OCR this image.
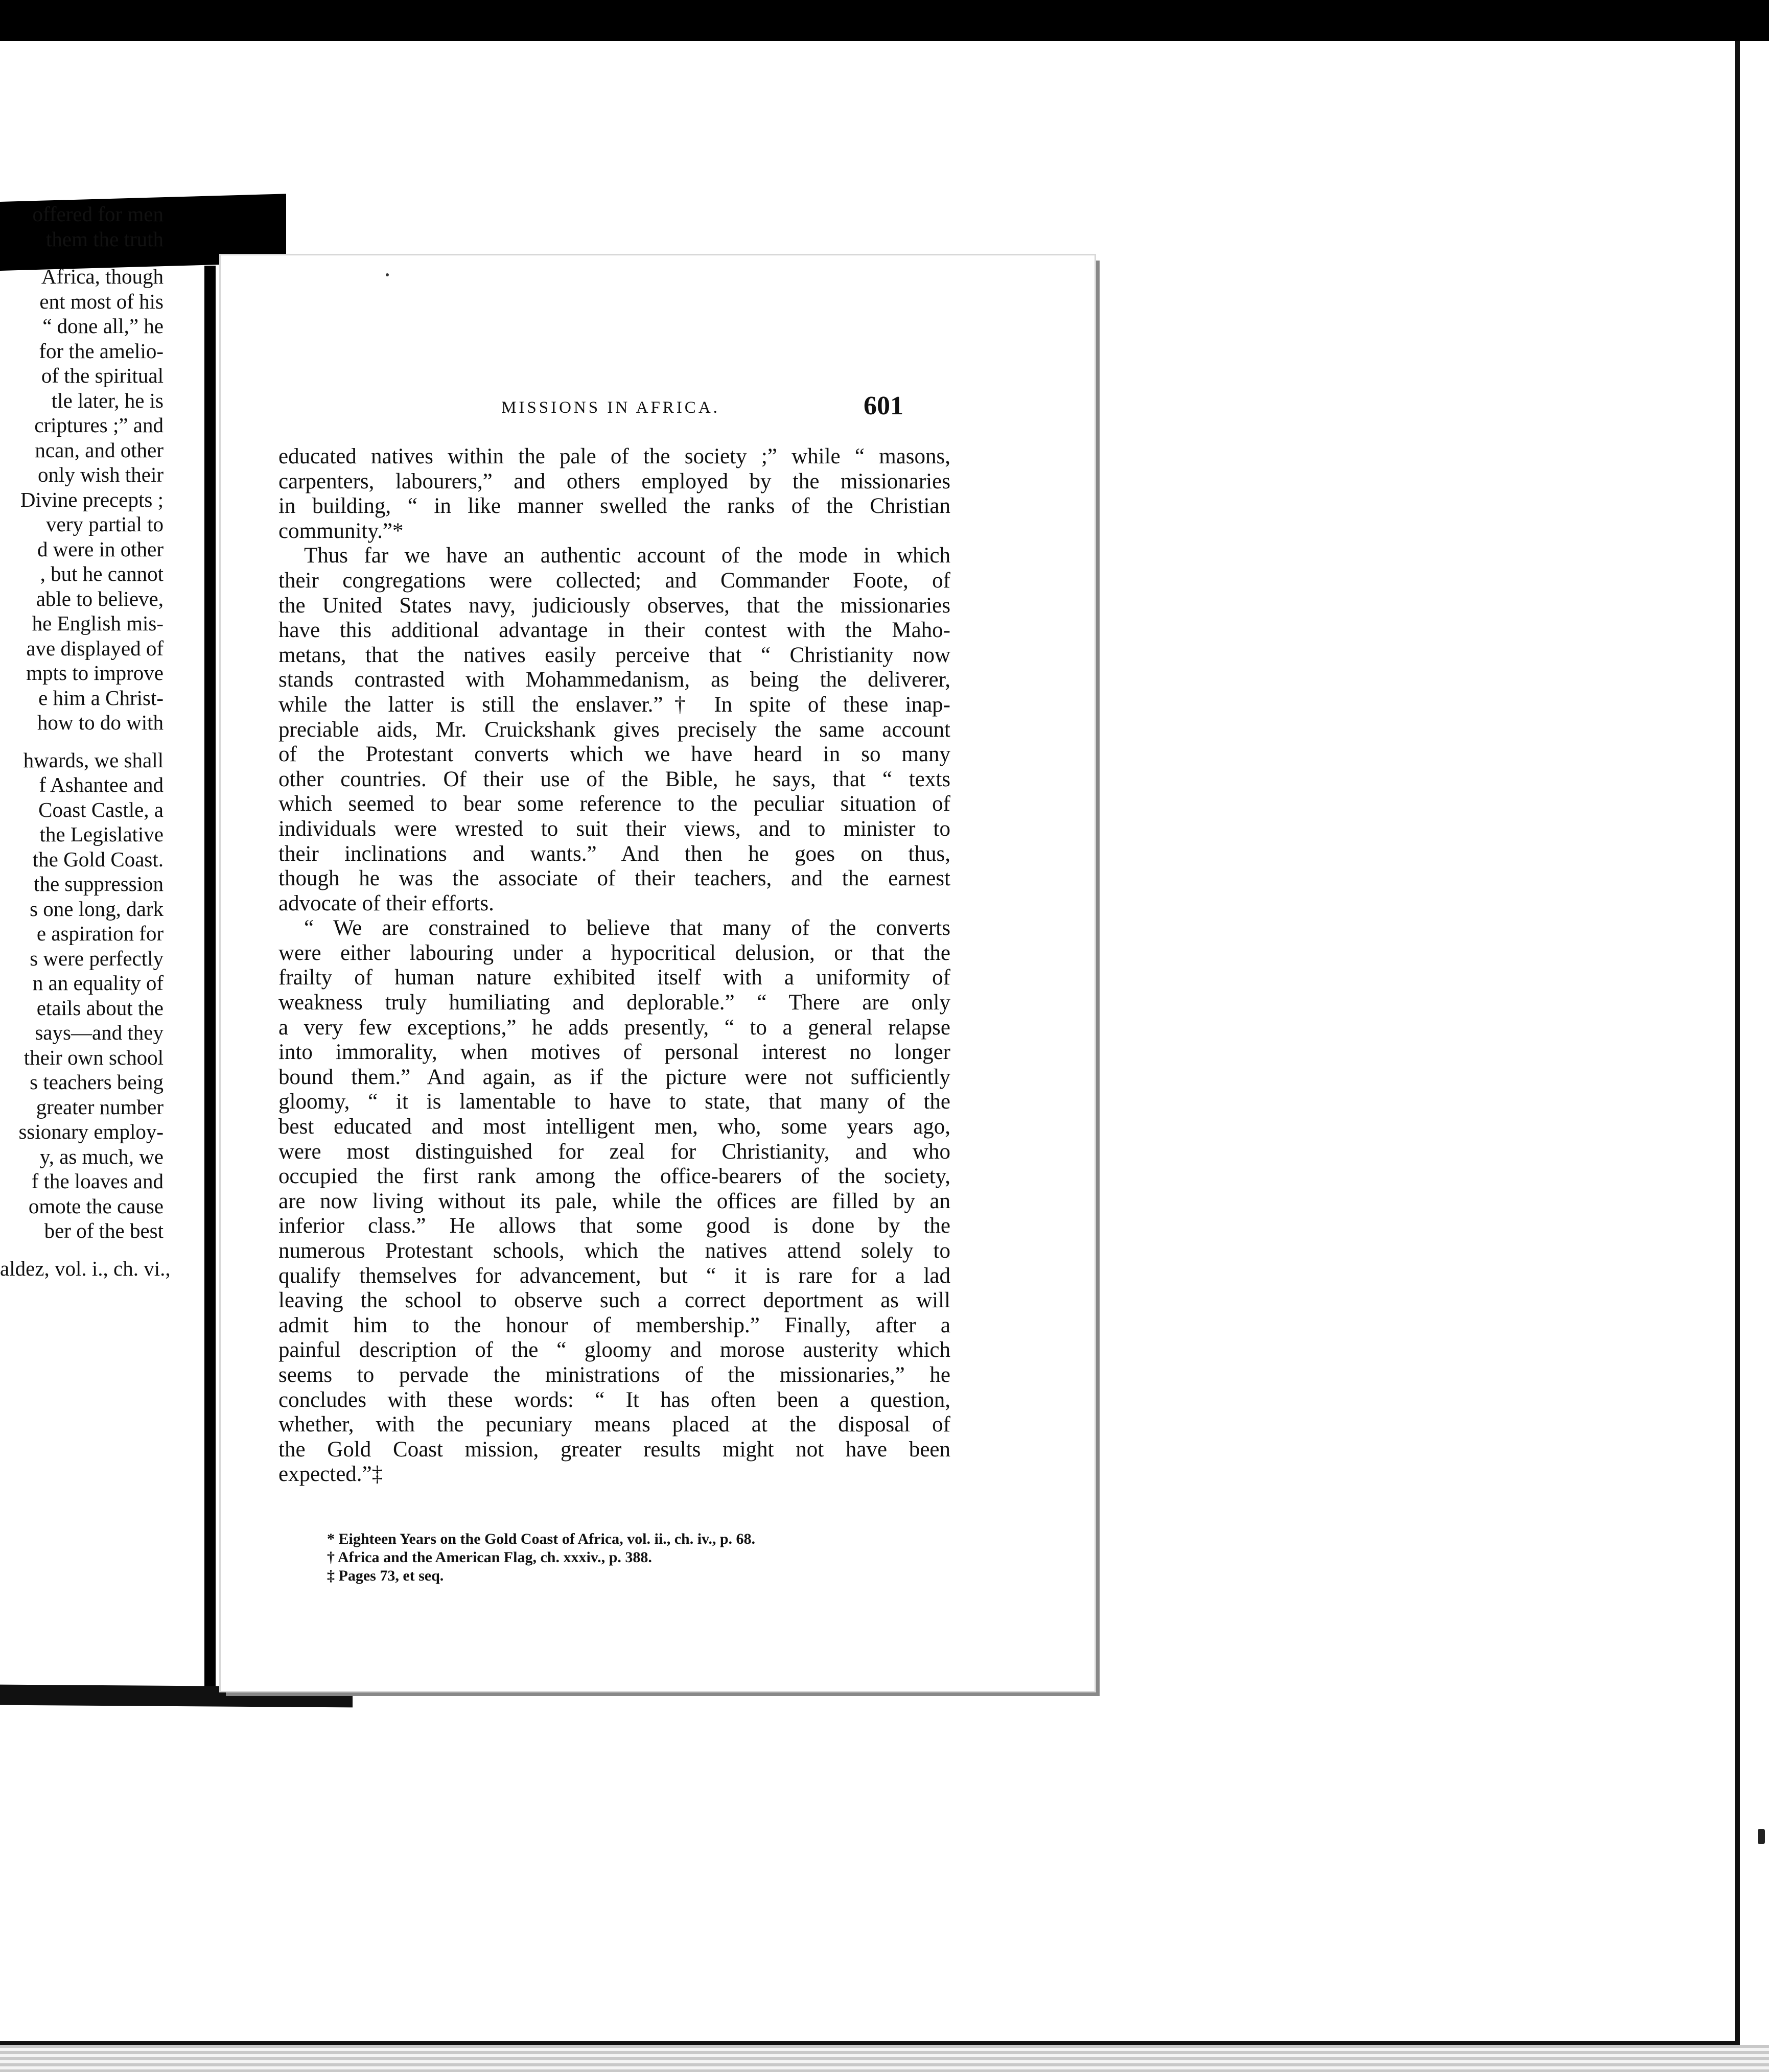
offered for men
them the truth
Africa, though
ent most of his
“ done all,” he
for the amelio-
of the spiritual
tle later, he is
criptures ;” and
ncan, and other
only wish their
Divine precepts ;
very partial to
d were in other
, but he cannot
able to believe,
he English mis-
ave displayed of
mpts to improve
e him a Christ-
how to do with
hwards, we shall
f Ashantee and
Coast Castle, a
the Legislative
the Gold Coast.
the suppression
s one long, dark
e aspiration for
s were perfectly
n an equality of
etails about the
says—and they
their own school
s teachers being
greater number
ssionary employ-
y, as much, we
f the loaves and
omote the cause
ber of the best
aldez, vol. i., ch. vi.,
MISSIONS IN AFRICA.	601
educated natives within the pale of the society ;” while “ masons,
carpenters, labourers,” and others employed by the missionaries
in building, “ in like manner swelled the ranks of the Christian
community.”*
Thus far we have an authentic account of the mode in which
their congregations were collected; and Commander Foote, of
the United States navy, judiciously observes, that the missionaries
have this additional advantage in their contest with the Maho-
metans, that the natives easily perceive that “ Christianity now
stands contrasted with Mohammedanism, as being the deliverer,
while the latter is still the enslaver.”† In spite of these inap-
preciable aids, Mr. Cruickshank gives precisely the same account
of the Protestant converts which we have heard in so many
other countries. Of their use of the Bible, he says, that “ texts
which seemed to bear some reference to the peculiar situation of
individuals were wrested to suit their views, and to minister to
their inclinations and wants.” And then he goes on thus,
though he was the associate of their teachers, and the earnest
advocate of their efforts.
“ We are constrained to believe that many of the converts
were either labouring under a hypocritical delusion, or that the
frailty of human nature exhibited itself with a uniformity of
weakness truly humiliating and deplorable.” “ There are only
a very few exceptions,” he adds presently, “ to a general relapse
into immorality, when motives of personal interest no longer
bound them.” And again, as if the picture were not sufficiently
gloomy, “ it is lamentable to have to state, that many of the
best educated and most intelligent men, who, some years ago,
were most distinguished for zeal for Christianity, and who
occupied the first rank among the office-bearers of the society,
are now living without its pale, while the offices are filled by an
inferior class.” He allows that some good is done by the
numerous Protestant schools, which the natives attend solely to
qualify themselves for advancement, but “ it is rare for a lad
leaving the school to observe such a correct deportment as will
admit him to the honour of membership.” Finally, after a
painful description of the “ gloomy and morose austerity which
seems to pervade the ministrations of the missionaries,” he
concludes with these words: “ It has often been a question,
whether, with the pecuniary means placed at the disposal of
the Gold Coast mission, greater results might not have been
expected.”‡
* Eighteen Years on the Gold Coast of Africa, vol. ii., ch. iv., p. 68.
† Africa and the American Flag, ch. xxxiv., p. 388.
‡ Pages 73, et seq.
